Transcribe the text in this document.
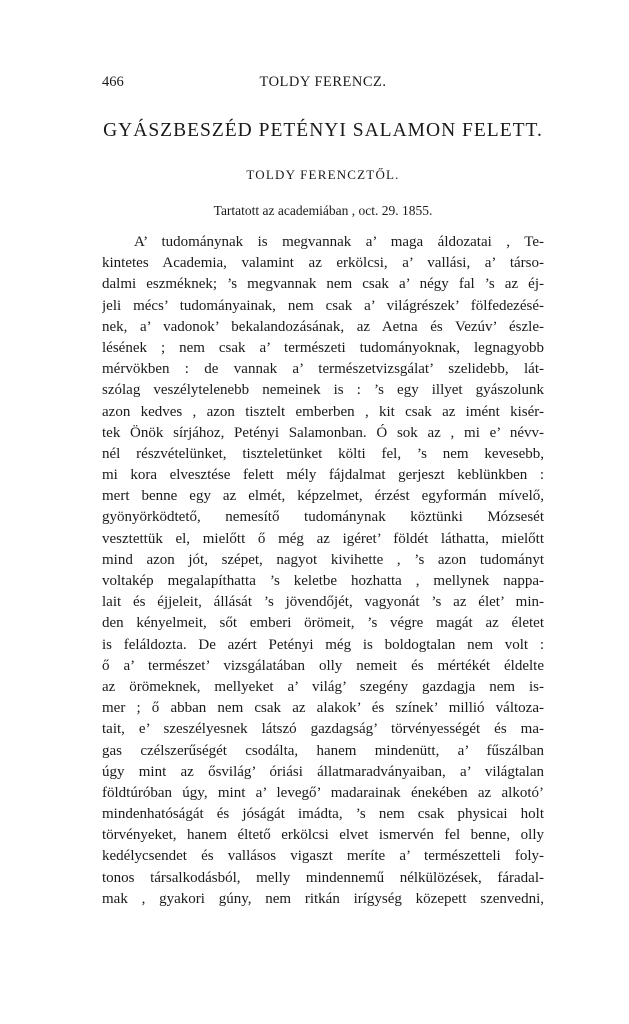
466	TOLDY FERENCZ.
GYÁSZBESZÉD PETÉNYI SALAMON FELETT.
TOLDY FERENCZTŐL.
Tartatott az academiában , oct. 29. 1855.
A’ tudománynak is megvannak a’ maga áldozatai , Te-
kintetes Academia, valamint az erkölcsi, a’ vallási, a’ társo-
dalmi eszméknek; ’s megvannak nem csak a’ négy fal ’s az éj-
jeli mécs’ tudományainak, nem csak a’ világrészek’ fölfedezésé-
nek, a’ vadonok’ bekalandozásának, az Aetna és Vezúv’ észle-
lésének ; nem csak a’ természeti tudományoknak, legnagyobb
mérvökben : de vannak a’ természetvizsgálat’ szelidebb, lát-
szólag veszélytelenebb nemeinek is : ’s egy illyet gyászolunk
azon kedves , azon tisztelt emberben , kit csak az imént kisér-
tek Önök sírjához, Petényi Salamonban. Ó sok az , mi e’ névv-
nél részvételünket, tiszteletünket költi fel, ’s nem kevesebb,
mi kora elvesztése felett mély fájdalmat gerjeszt keblünkben :
mert benne egy az elmét, képzelmet, érzést egyformán mívelő,
gyönyörködtető, nemesítő tudománynak köztünki Mózsesét
vesztettük el, mielőtt ő még az igéret’ földét láthatta, mielőtt
mind azon jót, szépet, nagyot kivihette , ’s azon tudományt
voltakép megalapíthatta ’s keletbe hozhatta , mellynek nappa-
lait és éjjeleit, állását ’s jövendőjét, vagyonát ’s az élet’ min-
den kényelmeit, sőt emberi örömeit, ’s végre magát az életet
is feláldozta. De azért Petényi még is boldogtalan nem volt :
ő a’ természet’ vizsgálatában olly nemeit és mértékét éldelte
az örömeknek, mellyeket a’ világ’ szegény gazdagja nem is-
mer ; ő abban nem csak az alakok’ és színek’ millió változa-
tait, e’ szeszélyesnek látszó gazdagság’ törvényességét és ma-
gas czélszerűségét csodálta, hanem mindenütt, a’ fűszálban
úgy mint az ősvilág’ óriási állatmaradványaiban, a’ világtalan
földtúróban úgy, mint a’ levegő’ madarainak énekében az alkotó’
mindenhatóságát és jóságát imádta, ’s nem csak physicai holt
törvényeket, hanem éltető erkölcsi elvet ismervén fel benne, olly
kedélycsendet és vallásos vigaszt meríte a’ természetteli foly-
tonos társalkodásból, melly mindennemű nélkülözések, fáradal-
mak , gyakori gúny, nem ritkán irígység közepett szenvedni,
